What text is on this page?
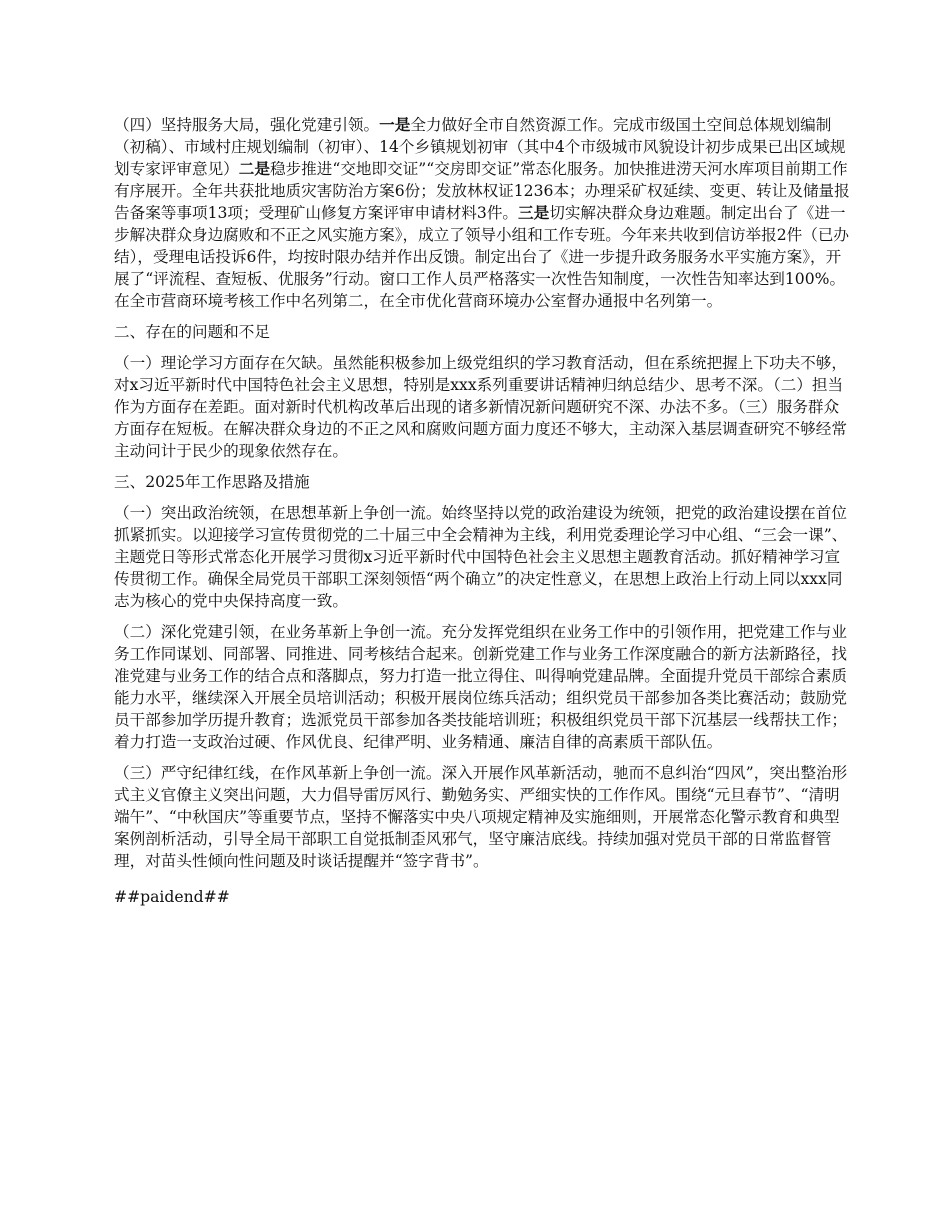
（四）坚持服务大局，强化党建引领。一是全力做好全市自然资源工作。完成市级国土空间总体规划编制（初稿）、市域村庄规划编制（初审）、14个乡镇规划初审（其中4个市级城市风貌设计初步成果已出区域规划专家评审意见）二是稳步推进“交地即交证”“交房即交证”常态化服务。加快推进涝天河水库项目前期工作有序展开。全年共获批地质灾害防治方案6份；发放林权证1236本；办理采矿权延续、变更、转让及储量报告备案等事项13项；受理矿山修复方案评审申请材料3件。三是切实解决群众身边难题。制定出台了《进一步解决群众身边腐败和不正之风实施方案》，成立了领导小组和工作专班。今年来共收到信访举报2件（已办结），受理电话投诉6件，均按时限办结并作出反馈。制定出台了《进一步提升政务服务水平实施方案》，开展了“评流程、查短板、优服务”行动。窗口工作人员严格落实一次性告知制度，一次性告知率达到100%。在全市营商环境考核工作中名列第二，在全市优化营商环境办公室督办通报中名列第一。

二、存在的问题和不足

（一）理论学习方面存在欠缺。虽然能积极参加上级党组织的学习教育活动，但在系统把握上下功夫不够，对x习近平新时代中国特色社会主义思想，特别是xxx系列重要讲话精神归纳总结少、思考不深。（二）担当作为方面存在差距。面对新时代机构改革后出现的诸多新情况新问题研究不深、办法不多。（三）服务群众方面存在短板。在解决群众身边的不正之风和腐败问题方面力度还不够大，主动深入基层调查研究不够经常主动问计于民少的现象依然存在。

三、2025年工作思路及措施

（一）突出政治统领，在思想革新上争创一流。始终坚持以党的政治建设为统领，把党的政治建设摆在首位抓紧抓实。以迎接学习宣传贯彻党的二十届三中全会精神为主线，利用党委理论学习中心组、“三会一课”、主题党日等形式常态化开展学习贯彻x习近平新时代中国特色社会主义思想主题教育活动。抓好精神学习宣传贯彻工作。确保全局党员干部职工深刻领悟“两个确立”的决定性意义，在思想上政治上行动上同以xxx同志为核心的党中央保持高度一致。

（二）深化党建引领，在业务革新上争创一流。充分发挥党组织在业务工作中的引领作用，把党建工作与业务工作同谋划、同部署、同推进、同考核结合起来。创新党建工作与业务工作深度融合的新方法新路径，找准党建与业务工作的结合点和落脚点，努力打造一批立得住、叫得响党建品牌。全面提升党员干部综合素质能力水平，继续深入开展全员培训活动；积极开展岗位练兵活动；组织党员干部参加各类比赛活动；鼓励党员干部参加学历提升教育；选派党员干部参加各类技能培训班；积极组织党员干部下沉基层一线帮扶工作；着力打造一支政治过硬、作风优良、纪律严明、业务精通、廉洁自律的高素质干部队伍。

（三）严守纪律红线，在作风革新上争创一流。深入开展作风革新活动，驰而不息纠治“四风”，突出整治形式主义官僚主义突出问题，大力倡导雷厉风行、勤勉务实、严细实快的工作作风。围绕“元旦春节”、“清明端午”、“中秋国庆”等重要节点，坚持不懈落实中央八项规定精神及实施细则，开展常态化警示教育和典型案例剖析活动，引导全局干部职工自觉抵制歪风邪气，坚守廉洁底线。持续加强对党员干部的日常监督管理，对苗头性倾向性问题及时谈话提醒并“签字背书”。

##paidend##
